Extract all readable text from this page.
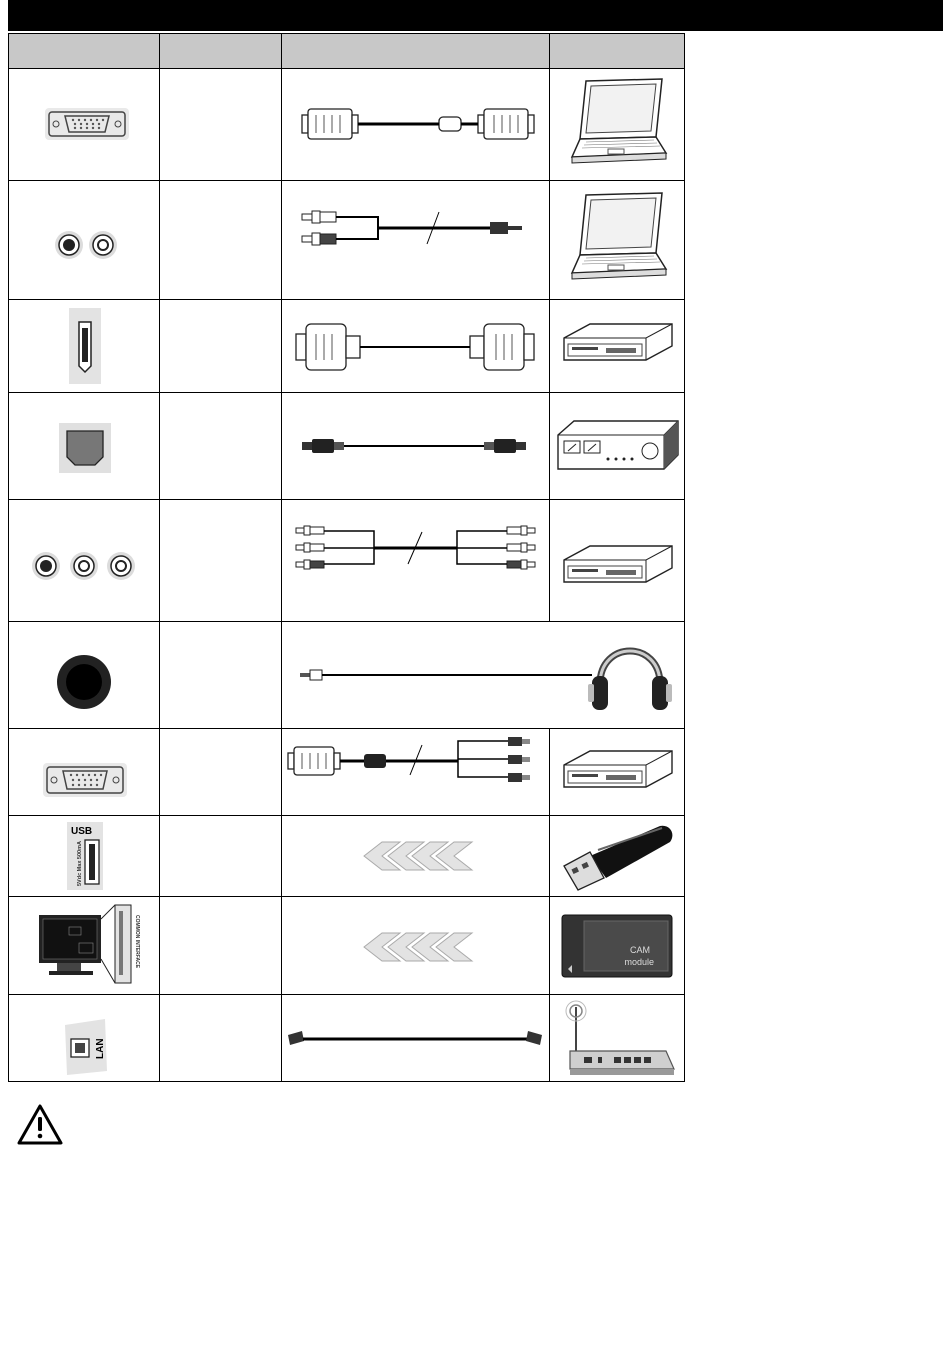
USB
5Vdc Max 500mA

COMMON INTERFACE			CAM
module

LAN
